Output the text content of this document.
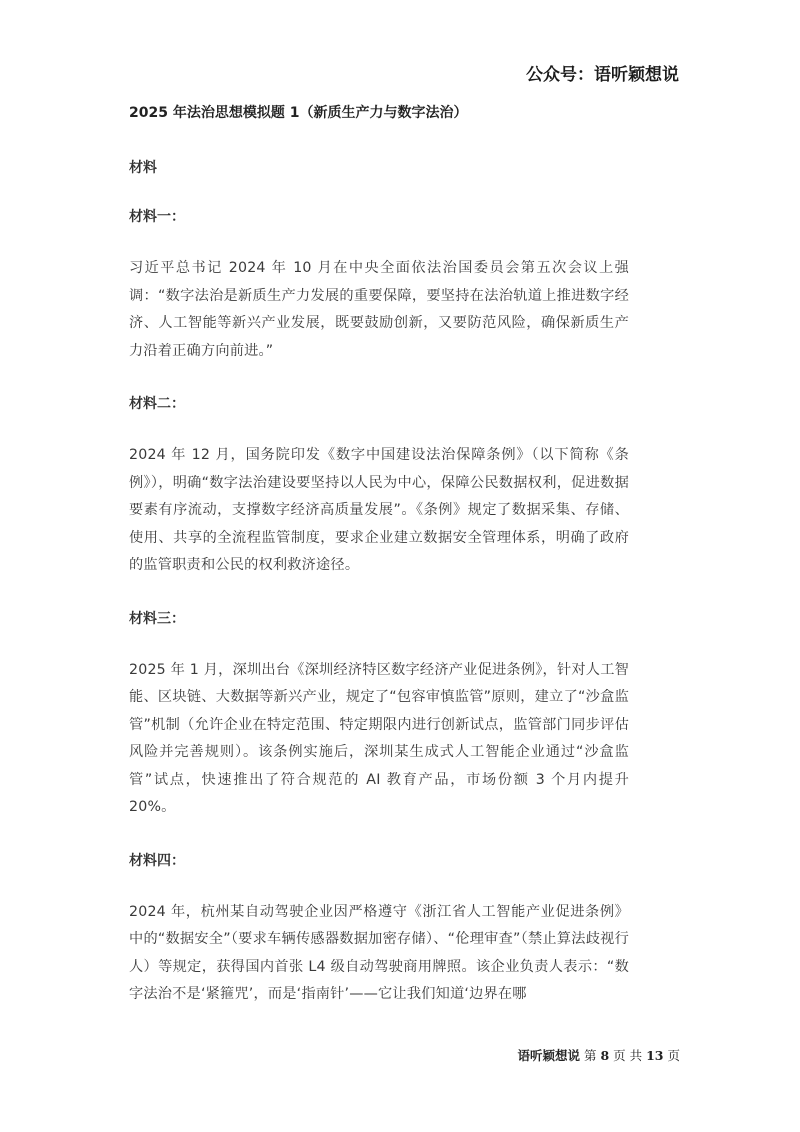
公众号：语听颖想说
2025 年法治思想模拟题 1（新质生产力与数字法治）
材料
材料一：
习近平总书记 2024 年 10 月在中央全面依法治国委员会第五次会议上强调：“数字法治是新质生产力发展的重要保障，要坚持在法治轨道上推进数字经济、人工智能等新兴产业发展，既要鼓励创新，又要防范风险，确保新质生产力沿着正确方向前进。”
材料二：
2024 年 12 月，国务院印发《数字中国建设法治保障条例》（以下简称《条例》），明确“数字法治建设要坚持以人民为中心，保障公民数据权利，促进数据要素有序流动，支撑数字经济高质量发展”。《条例》规定了数据采集、存储、使用、共享的全流程监管制度，要求企业建立数据安全管理体系，明确了政府的监管职责和公民的权利救济途径。
材料三：
2025 年 1 月，深圳出台《深圳经济特区数字经济产业促进条例》，针对人工智能、区块链、大数据等新兴产业，规定了“包容审慎监管”原则，建立了“沙盒监管”机制（允许企业在特定范围、特定期限内进行创新试点，监管部门同步评估风险并完善规则）。该条例实施后，深圳某生成式人工智能企业通过“沙盒监管”试点，快速推出了符合规范的 AI 教育产品，市场份额 3 个月内提升 20%。
材料四：
2024 年，杭州某自动驾驶企业因严格遵守《浙江省人工智能产业促进条例》中的“数据安全”（要求车辆传感器数据加密存储）、“伦理审查”（禁止算法歧视行人）等规定，获得国内首张 L4 级自动驾驶商用牌照。该企业负责人表示：“数字法治不是‘紧箍咒’，而是‘指南针’——它让我们知道‘边界在哪
语听颖想说 第 8 页 共 13 页
